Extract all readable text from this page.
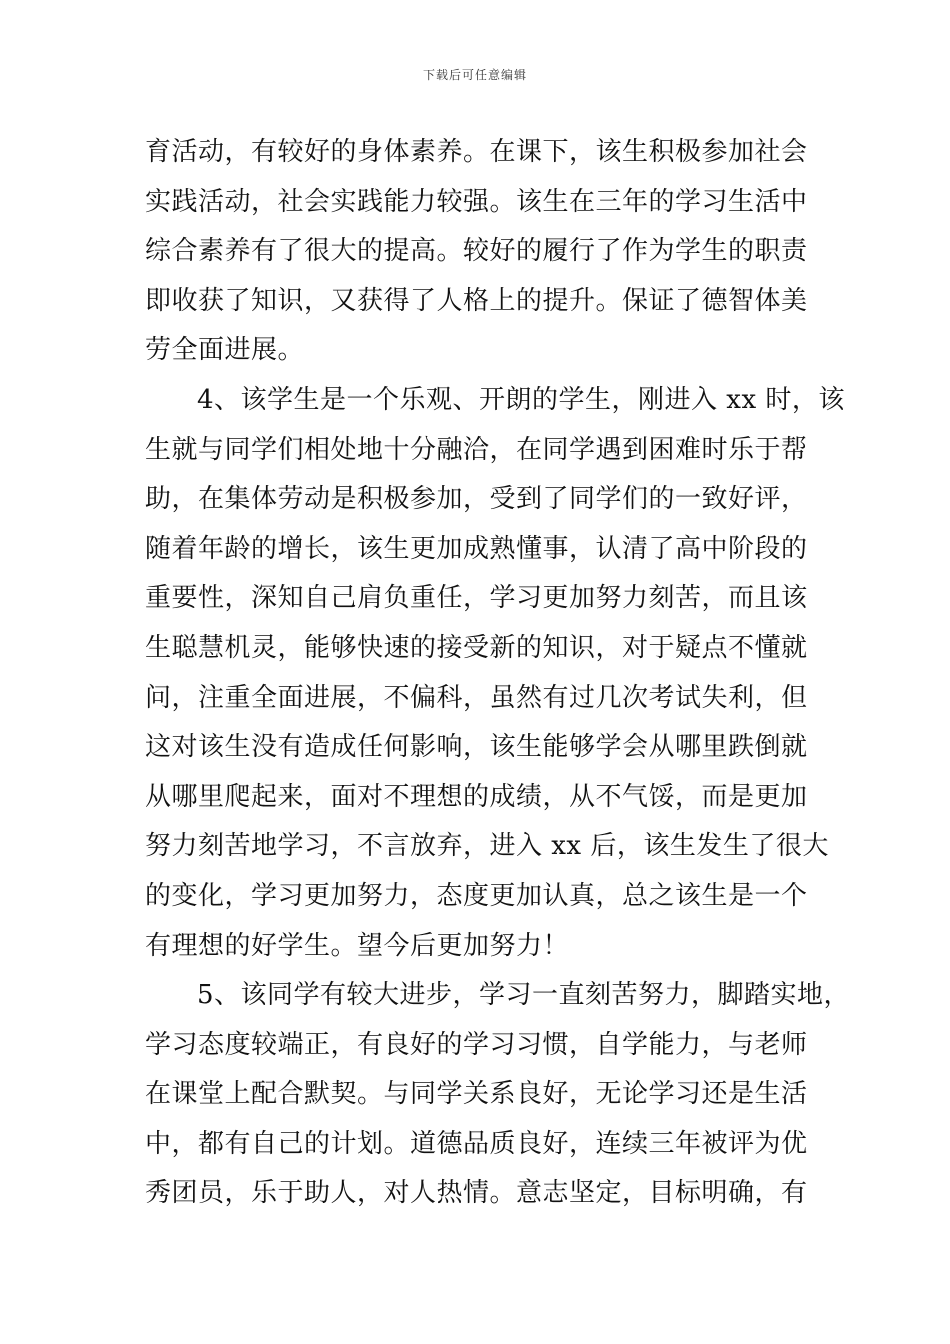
下载后可任意编辑
育活动，有较好的身体素养。在课下，该生积极参加社会
实践活动，社会实践能力较强。该生在三年的学习生活中
综合素养有了很大的提高。较好的履行了作为学生的职责
即收获了知识，又获得了人格上的提升。保证了德智体美
劳全面进展。
4、该学生是一个乐观、开朗的学生，刚进入 xx 时，该
生就与同学们相处地十分融洽，在同学遇到困难时乐于帮
助，在集体劳动是积极参加，受到了同学们的一致好评，
随着年龄的增长，该生更加成熟懂事，认清了高中阶段的
重要性，深知自己肩负重任，学习更加努力刻苦，而且该
生聪慧机灵，能够快速的接受新的知识，对于疑点不懂就
问，注重全面进展，不偏科，虽然有过几次考试失利，但
这对该生没有造成任何影响，该生能够学会从哪里跌倒就
从哪里爬起来，面对不理想的成绩，从不气馁，而是更加
努力刻苦地学习，不言放弃，进入 xx 后，该生发生了很大
的变化，学习更加努力，态度更加认真，总之该生是一个
有理想的好学生。望今后更加努力！
5、该同学有较大进步，学习一直刻苦努力，脚踏实地，
学习态度较端正，有良好的学习习惯，自学能力，与老师
在课堂上配合默契。与同学关系良好，无论学习还是生活
中，都有自己的计划。道德品质良好，连续三年被评为优
秀团员，乐于助人，对人热情。意志坚定，目标明确，有
